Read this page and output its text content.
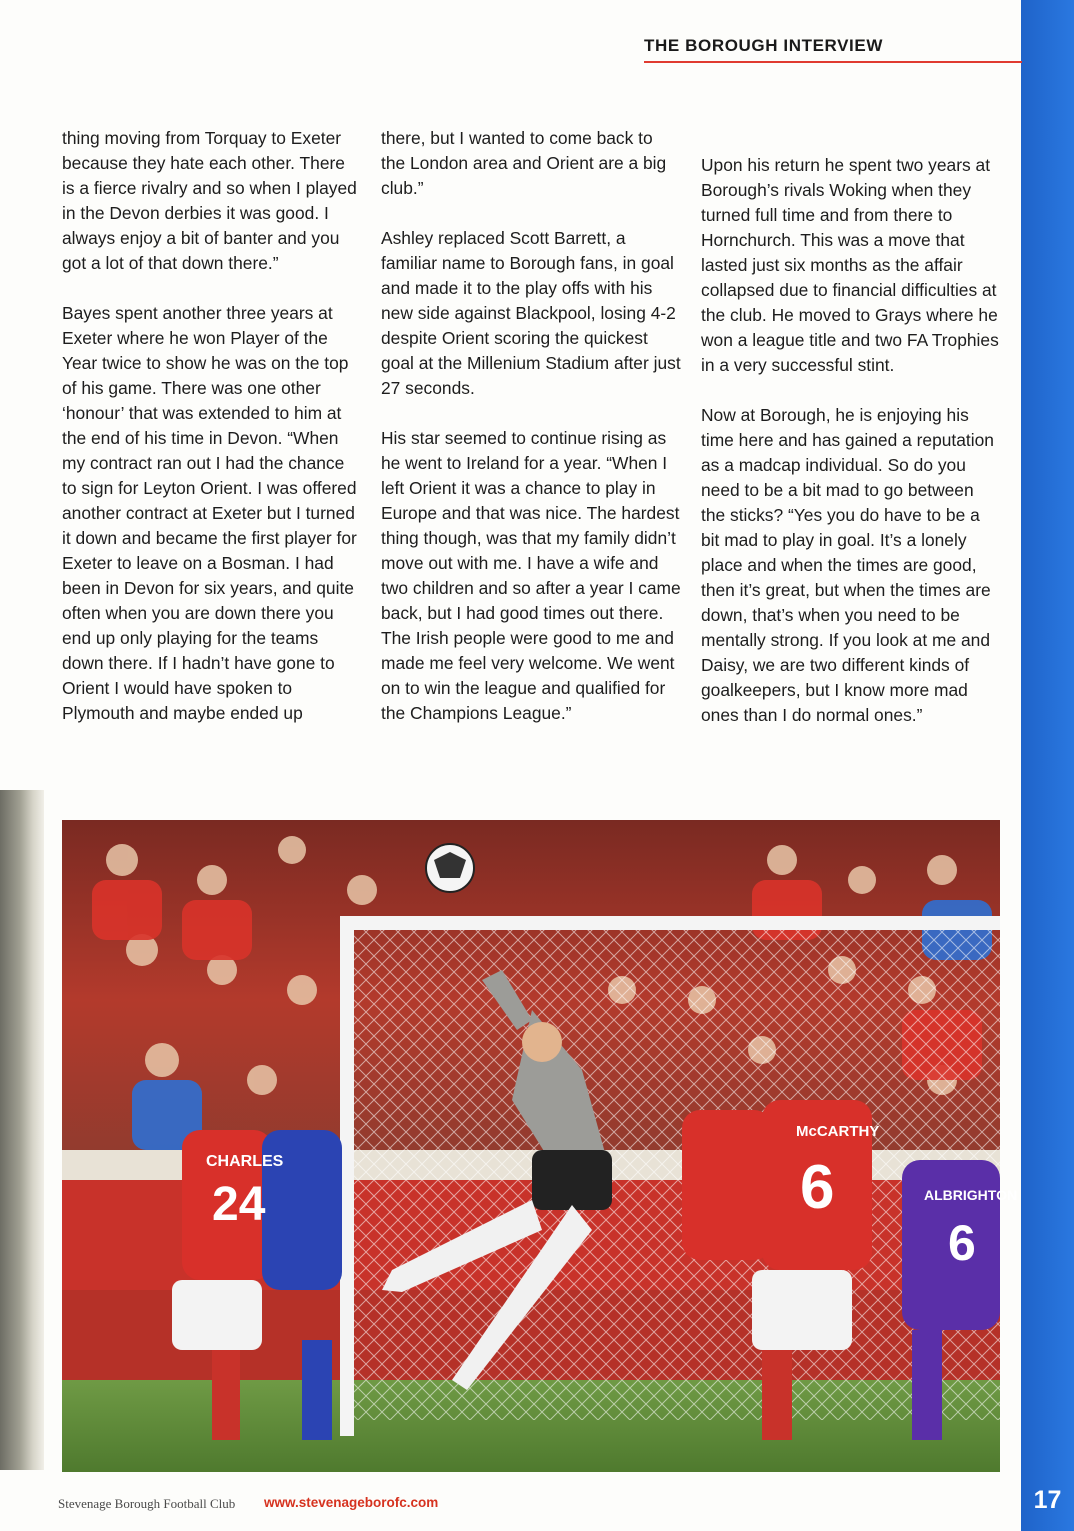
THE BOROUGH INTERVIEW

thing moving from Torquay to Exeter because they hate each other. There is a fierce rivalry and so when I played in the Devon derbies it was good. I always enjoy a bit of banter and you got a lot of that down there.”

Bayes spent another three years at Exeter where he won Player of the Year twice to show he was on the top of his game. There was one other ‘honour’ that was extended to him at the end of his time in Devon. “When my contract ran out I had the chance to sign for Leyton Orient. I was offered another contract at Exeter but I turned it down and became the first player for Exeter to leave on a Bosman. I had been in Devon for six years, and quite often when you are down there you end up only playing for the teams down there. If I hadn’t have gone to Orient I would have spoken to Plymouth and maybe ended up

there, but I wanted to come back to the London area and Orient are a big club.”

Ashley replaced Scott Barrett, a familiar name to Borough fans, in goal and made it to the play offs with his new side against Blackpool, losing 4-2 despite Orient scoring the quickest goal at the Millenium Stadium after just 27 seconds.

His star seemed to continue rising as he went to Ireland for a year. “When I left Orient it was a chance to play in Europe and that was nice. The hardest thing though, was that my family didn’t move out with me. I have a wife and two children and so after a year I came back, but I had good times out there. The Irish people were good to me and made me feel very welcome. We went on to win the league and qualified for the Champions League.”

Upon his return he spent two years at Borough’s rivals Woking when they turned full time and from there to Hornchurch. This was a move that lasted just six months as the affair collapsed due to financial difficulties at the club. He moved to Grays where he won a league title and two FA Trophies in a very successful stint.

Now at Borough, he is enjoying his time here and has gained a reputation as a madcap individual. So do you need to be a bit mad to go between the sticks? “Yes you do have to be a bit mad to play in goal. It’s a lonely place and when the times are good, then it’s great, but when the times are down, that’s when you need to be mentally strong. If you look at me and Daisy, we are two different kinds of goalkeepers, but I know more mad ones than I do normal ones.”

CHARLES
24
McCARTHY
6	ALBRIGHTON
6
Stevenage Borough Football Club www.stevenageborofc.com	17
